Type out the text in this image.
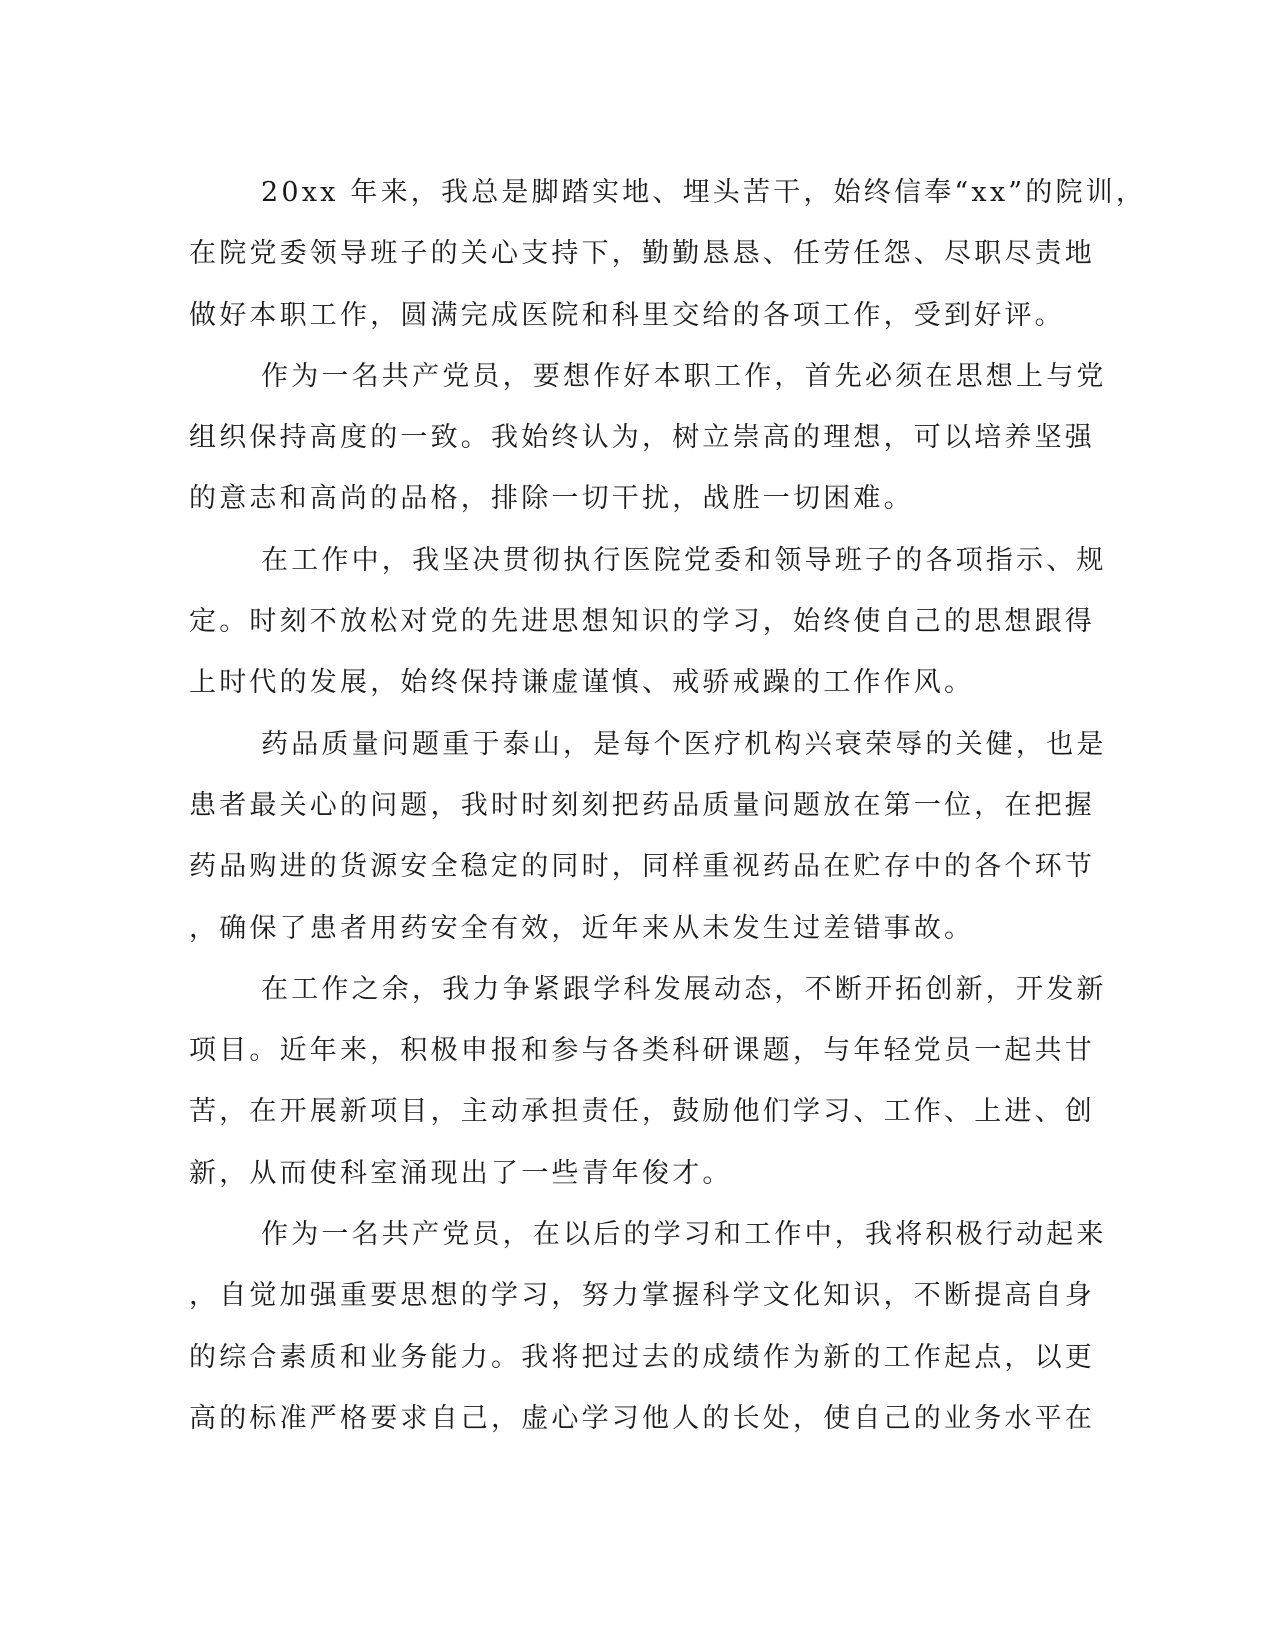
20xx 年来，我总是脚踏实地、埋头苦干，始终信奉“xx”的院训，
在院党委领导班子的关心支持下，勤勤恳恳、任劳任怨、尽职尽责地
做好本职工作，圆满完成医院和科里交给的各项工作，受到好评。
作为一名共产党员，要想作好本职工作，首先必须在思想上与党
组织保持高度的一致。我始终认为，树立崇高的理想，可以培养坚强
的意志和高尚的品格，排除一切干扰，战胜一切困难。
在工作中，我坚决贯彻执行医院党委和领导班子的各项指示、规
定。时刻不放松对党的先进思想知识的学习，始终使自己的思想跟得
上时代的发展，始终保持谦虚谨慎、戒骄戒躁的工作作风。
药品质量问题重于泰山，是每个医疗机构兴衰荣辱的关健，也是
患者最关心的问题，我时时刻刻把药品质量问题放在第一位，在把握
药品购进的货源安全稳定的同时，同样重视药品在贮存中的各个环节
，确保了患者用药安全有效，近年来从未发生过差错事故。
在工作之余，我力争紧跟学科发展动态，不断开拓创新，开发新
项目。近年来，积极申报和参与各类科研课题，与年轻党员一起共甘
苦，在开展新项目，主动承担责任，鼓励他们学习、工作、上进、创
新，从而使科室涌现出了一些青年俊才。
作为一名共产党员，在以后的学习和工作中，我将积极行动起来
，自觉加强重要思想的学习，努力掌握科学文化知识，不断提高自身
的综合素质和业务能力。我将把过去的成绩作为新的工作起点，以更
高的标准严格要求自己，虚心学习他人的长处，使自己的业务水平在
